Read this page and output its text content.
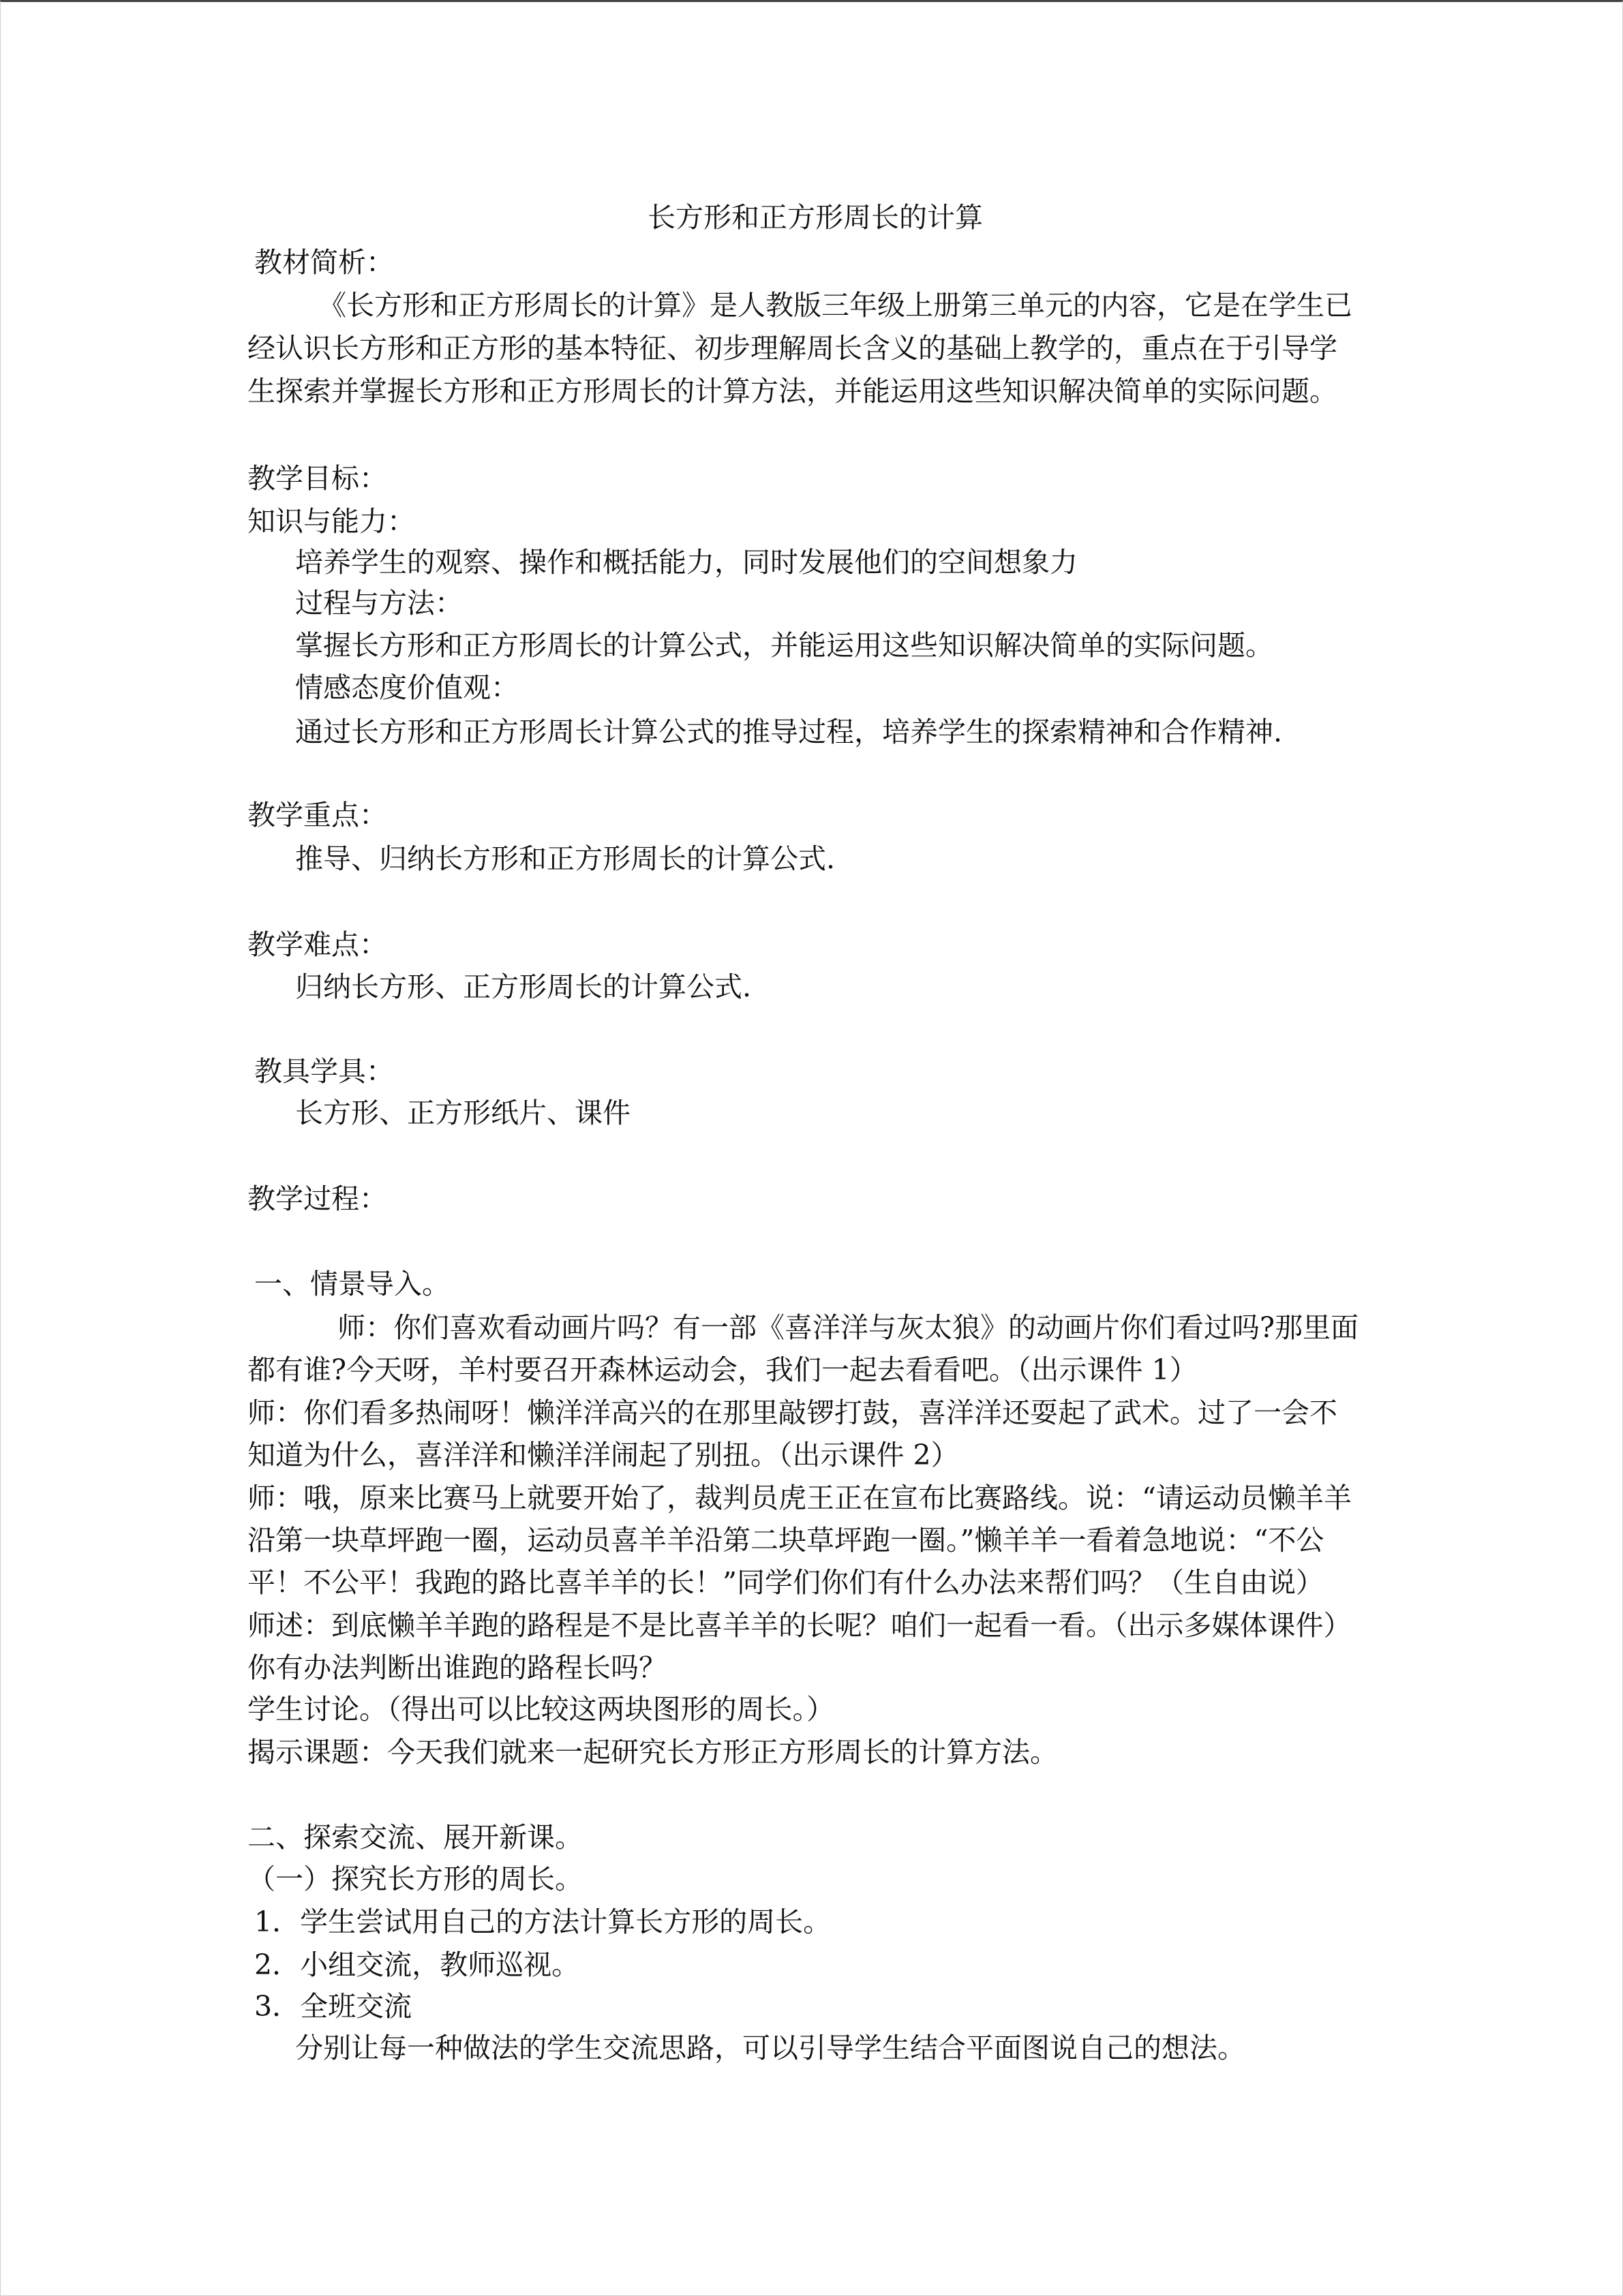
长方形和正方形周长的计算
教材简析：
《长方形和正方形周长的计算》是人教版三年级上册第三单元的内容，它是在学生已
经认识长方形和正方形的基本特征、初步理解周长含义的基础上教学的，重点在于引导学
生探索并掌握长方形和正方形周长的计算方法，并能运用这些知识解决简单的实际问题。
教学目标：
知识与能力：
培养学生的观察、操作和概括能力，同时发展他们的空间想象力
过程与方法：
掌握长方形和正方形周长的计算公式，并能运用这些知识解决简单的实际问题。
情感态度价值观：
通过长方形和正方形周长计算公式的推导过程，培养学生的探索精神和合作精神.
教学重点：
推导、归纳长方形和正方形周长的计算公式.
教学难点：
归纳长方形、正方形周长的计算公式.
教具学具：
长方形、正方形纸片、课件
教学过程：
一、情景导入。
师：你们喜欢看动画片吗？有一部《喜洋洋与灰太狼》的动画片你们看过吗?那里面
都有谁?今天呀，羊村要召开森林运动会，我们一起去看看吧。（出示课件 1）
师：你们看多热闹呀！懒洋洋高兴的在那里敲锣打鼓，喜洋洋还耍起了武术。过了一会不
知道为什么，喜洋洋和懒洋洋闹起了别扭。（出示课件 2）
师：哦，原来比赛马上就要开始了，裁判员虎王正在宣布比赛路线。说：“请运动员懒羊羊
沿第一块草坪跑一圈，运动员喜羊羊沿第二块草坪跑一圈。”懒羊羊一看着急地说：“不公
平！不公平！我跑的路比喜羊羊的长！”同学们你们有什么办法来帮们吗？（生自由说）
师述：到底懒羊羊跑的路程是不是比喜羊羊的长呢？咱们一起看一看。（出示多媒体课件）
你有办法判断出谁跑的路程长吗？
学生讨论。（得出可以比较这两块图形的周长。）
揭示课题：今天我们就来一起研究长方形正方形周长的计算方法。
二、探索交流、展开新课。
（一）探究长方形的周长。
1．学生尝试用自己的方法计算长方形的周长。
2．小组交流，教师巡视。
3．全班交流
分别让每一种做法的学生交流思路，可以引导学生结合平面图说自己的想法。
